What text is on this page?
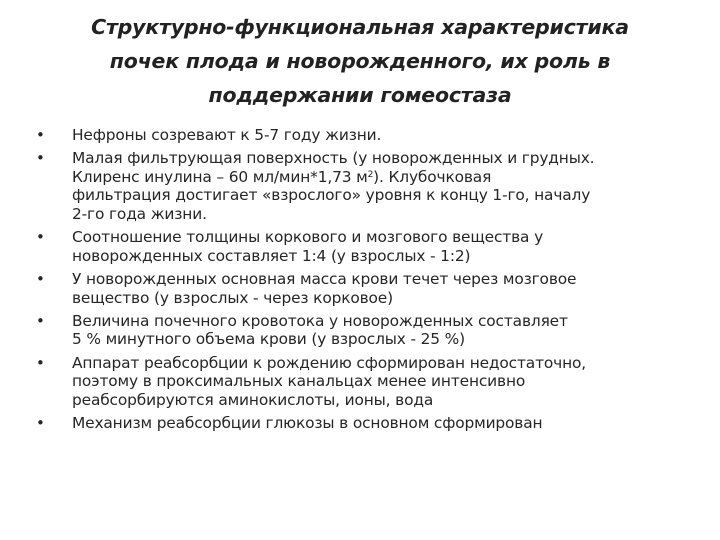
Структурно-функциональная характеристика
почек плода и новорожденного, их роль в
поддержании гомеостаза
• Нефроны созревают к 5-7 году жизни.
• Малая фильтрующая поверхность (у новорожденных и грудных.
Клиренс инулина – 60 мл/мин*1,73 $м^2$). Клубочковая
фильтрация достигает «взрослого» уровня к концу 1-го, началу
2-го года жизни.
• Соотношение толщины коркового и мозгового вещества у
новорожденных составляет 1:4 (у взрослых - 1:2)
• У новорожденных основная масса крови течет через мозговое
вещество (у взрослых - через корковое)
• Величина почечного кровотока у новорожденных составляет
5 % минутного объема крови (у взрослых - 25 %)
• Аппарат реабсорбции к рождению сформирован недостаточно,
поэтому в проксимальных канальцах менее интенсивно
реабсорбируются аминокислоты, ионы, вода
• Механизм реабсорбции глюкозы в основном сформирован
